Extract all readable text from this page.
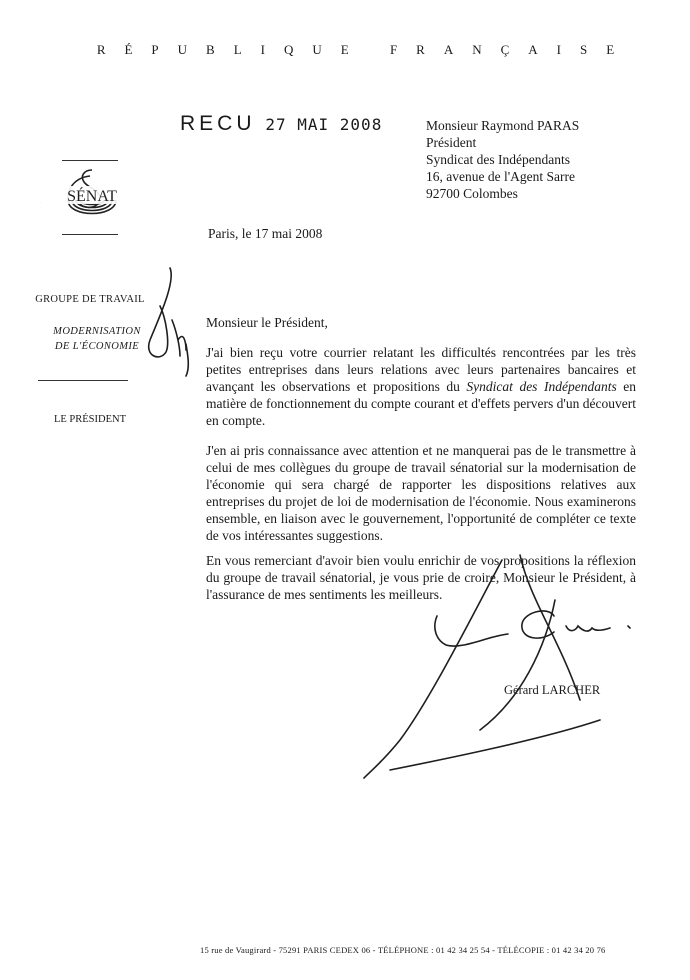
RÉPUBLIQUE FRANÇAISE
RECU 27 MAI 2008	Monsieur Raymond PARAS
Président
Syndicat des Indépendants
16, avenue de l'Agent Sarre
92700 Colombes
SÉNAT
Paris, le 17 mai 2008
GROUPE DE TRAVAIL
MODERNISATION
DE L'ÉCONOMIE
LE PRÉSIDENT
Monsieur le Président,
J'ai bien reçu votre courrier relatant les difficultés rencontrées par les très petites entreprises dans leurs relations avec leurs partenaires bancaires et avançant les observations et propositions du Syndicat des Indépendants en matière de fonctionnement du compte courant et d'effets pervers d'un découvert en compte.
J'en ai pris connaissance avec attention et ne manquerai pas de le transmettre à celui de mes collègues du groupe de travail sénatorial sur la modernisation de l'économie qui sera chargé de rapporter les dispositions relatives aux entreprises du projet de loi de modernisation de l'économie. Nous examinerons ensemble, en liaison avec le gouvernement, l'opportunité de compléter ce texte de vos intéressantes suggestions.
En vous remerciant d'avoir bien voulu enrichir de vos propositions la réflexion du groupe de travail sénatorial, je vous prie de croire, Monsieur le Président, à l'assurance de mes sentiments les meilleurs.
Gérard LARCHER
15 rue de Vaugirard - 75291 PARIS CEDEX 06 - TÉLÉPHONE : 01 42 34 25 54 - TÉLÉCOPIE : 01 42 34 20 76
